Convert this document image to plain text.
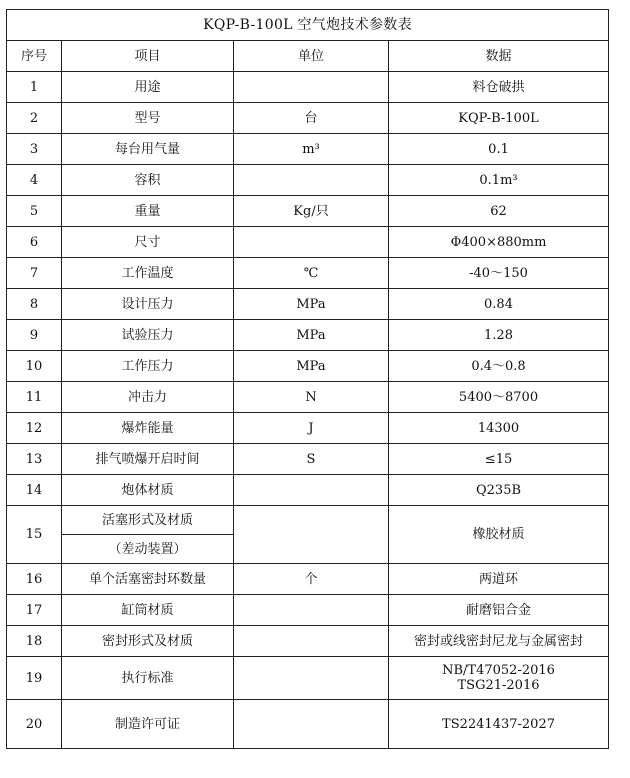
KQP-B-100L 空气炮技术参数表			
序号	项目	单位	数据
1	用途		料仓破拱
2	型号	台	KQP-B-100L
3	每台用气量	m³	0.1
4	容积		0.1m³
5	重量	Kg/只	62
6	尺寸		Φ400×880mm
7	工作温度	℃	-40～150
8	设计压力	MPa	0.84
9	试验压力	MPa	1.28
10	工作压力	MPa	0.4～0.8
11	冲击力	N	5400～8700
12	爆炸能量	J	14300
13	排气喷爆开启时间	S	≤15
14	炮体材质		Q235B
15	活塞形式及材质		橡胶材质
	（差动装置）		
16	单个活塞密封环数量	个	两道环
17	缸筒材质		耐磨铝合金
18	密封形式及材质		密封或线密封尼龙与金属密封
19	执行标准		NB/T47052-2016
TSG21-2016

20	制造许可证		TS2241437-2027
